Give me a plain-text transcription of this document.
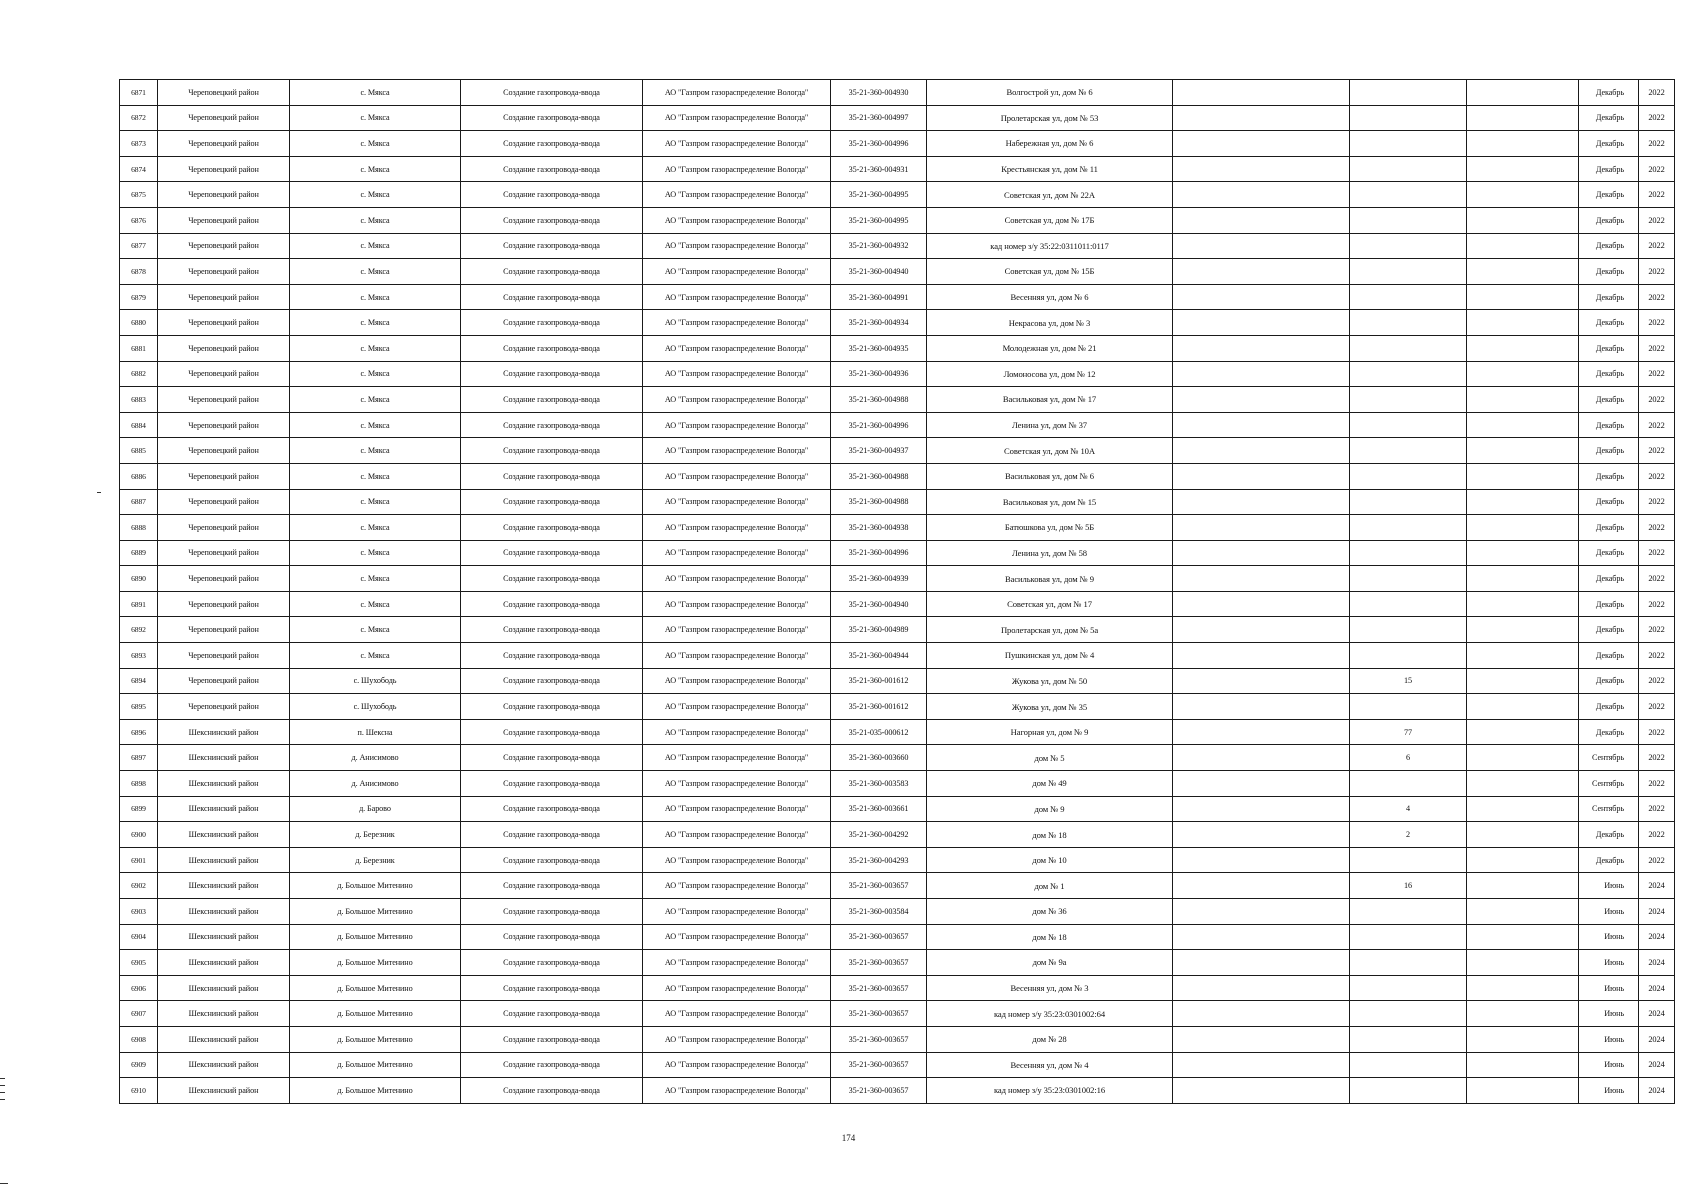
6871	Череповецкий район	с. Мякса	Создание газопровода-ввода	АО "Газпром газораспределение Вологда"	35-21-360-004930	Волгострой ул, дом № 6				Декабрь	2022
6872	Череповецкий район	с. Мякса	Создание газопровода-ввода	АО "Газпром газораспределение Вологда"	35-21-360-004997	Пролетарская ул, дом № 53				Декабрь	2022
6873	Череповецкий район	с. Мякса	Создание газопровода-ввода	АО "Газпром газораспределение Вологда"	35-21-360-004996	Набережная ул, дом № 6				Декабрь	2022
6874	Череповецкий район	с. Мякса	Создание газопровода-ввода	АО "Газпром газораспределение Вологда"	35-21-360-004931	Крестьянская ул, дом № 11				Декабрь	2022
6875	Череповецкий район	с. Мякса	Создание газопровода-ввода	АО "Газпром газораспределение Вологда"	35-21-360-004995	Советская ул, дом № 22А				Декабрь	2022
6876	Череповецкий район	с. Мякса	Создание газопровода-ввода	АО "Газпром газораспределение Вологда"	35-21-360-004995	Советская ул, дом № 17Б				Декабрь	2022
6877	Череповецкий район	с. Мякса	Создание газопровода-ввода	АО "Газпром газораспределение Вологда"	35-21-360-004932	кад номер з/у 35:22:0311011:0117				Декабрь	2022
6878	Череповецкий район	с. Мякса	Создание газопровода-ввода	АО "Газпром газораспределение Вологда"	35-21-360-004940	Советская ул, дом № 15Б				Декабрь	2022
6879	Череповецкий район	с. Мякса	Создание газопровода-ввода	АО "Газпром газораспределение Вологда"	35-21-360-004991	Весенняя ул, дом № 6				Декабрь	2022
6880	Череповецкий район	с. Мякса	Создание газопровода-ввода	АО "Газпром газораспределение Вологда"	35-21-360-004934	Некрасова ул, дом № 3				Декабрь	2022
6881	Череповецкий район	с. Мякса	Создание газопровода-ввода	АО "Газпром газораспределение Вологда"	35-21-360-004935	Молодежная ул, дом № 21				Декабрь	2022
6882	Череповецкий район	с. Мякса	Создание газопровода-ввода	АО "Газпром газораспределение Вологда"	35-21-360-004936	Ломоносова ул, дом № 12				Декабрь	2022
6883	Череповецкий район	с. Мякса	Создание газопровода-ввода	АО "Газпром газораспределение Вологда"	35-21-360-004988	Васильковая ул, дом № 17				Декабрь	2022
6884	Череповецкий район	с. Мякса	Создание газопровода-ввода	АО "Газпром газораспределение Вологда"	35-21-360-004996	Ленина ул, дом № 37				Декабрь	2022
6885	Череповецкий район	с. Мякса	Создание газопровода-ввода	АО "Газпром газораспределение Вологда"	35-21-360-004937	Советская ул, дом № 10А				Декабрь	2022
6886	Череповецкий район	с. Мякса	Создание газопровода-ввода	АО "Газпром газораспределение Вологда"	35-21-360-004988	Васильковая ул, дом № 6				Декабрь	2022
6887	Череповецкий район	с. Мякса	Создание газопровода-ввода	АО "Газпром газораспределение Вологда"	35-21-360-004988	Васильковая ул, дом № 15				Декабрь	2022
6888	Череповецкий район	с. Мякса	Создание газопровода-ввода	АО "Газпром газораспределение Вологда"	35-21-360-004938	Батюшкова ул, дом № 5Б				Декабрь	2022
6889	Череповецкий район	с. Мякса	Создание газопровода-ввода	АО "Газпром газораспределение Вологда"	35-21-360-004996	Ленина ул, дом № 58				Декабрь	2022
6890	Череповецкий район	с. Мякса	Создание газопровода-ввода	АО "Газпром газораспределение Вологда"	35-21-360-004939	Васильковая ул, дом № 9				Декабрь	2022
6891	Череповецкий район	с. Мякса	Создание газопровода-ввода	АО "Газпром газораспределение Вологда"	35-21-360-004940	Советская ул, дом № 17				Декабрь	2022
6892	Череповецкий район	с. Мякса	Создание газопровода-ввода	АО "Газпром газораспределение Вологда"	35-21-360-004989	Пролетарская ул, дом № 5а				Декабрь	2022
6893	Череповецкий район	с. Мякса	Создание газопровода-ввода	АО "Газпром газораспределение Вологда"	35-21-360-004944	Пушкинская ул, дом № 4				Декабрь	2022
6894	Череповецкий район	с. Шухободь	Создание газопровода-ввода	АО "Газпром газораспределение Вологда"	35-21-360-001612	Жукова ул, дом № 50		15		Декабрь	2022
6895	Череповецкий район	с. Шухободь	Создание газопровода-ввода	АО "Газпром газораспределение Вологда"	35-21-360-001612	Жукова ул, дом № 35				Декабрь	2022
6896	Шекснинский район	п. Шексна	Создание газопровода-ввода	АО "Газпром газораспределение Вологда"	35-21-035-000612	Нагорная ул, дом № 9		77		Декабрь	2022
6897	Шекснинский район	д. Анисимово	Создание газопровода-ввода	АО "Газпром газораспределение Вологда"	35-21-360-003660	дом № 5		6		Сентябрь	2022
6898	Шекснинский район	д. Анисимово	Создание газопровода-ввода	АО "Газпром газораспределение Вологда"	35-21-360-003583	дом № 49				Сентябрь	2022
6899	Шекснинский район	д. Барово	Создание газопровода-ввода	АО "Газпром газораспределение Вологда"	35-21-360-003661	дом № 9		4		Сентябрь	2022
6900	Шекснинский район	д. Березник	Создание газопровода-ввода	АО "Газпром газораспределение Вологда"	35-21-360-004292	дом № 18		2		Декабрь	2022
6901	Шекснинский район	д. Березник	Создание газопровода-ввода	АО "Газпром газораспределение Вологда"	35-21-360-004293	дом № 10				Декабрь	2022
6902	Шекснинский район	д. Большое Митенино	Создание газопровода-ввода	АО "Газпром газораспределение Вологда"	35-21-360-003657	дом № 1		16		Июнь	2024
6903	Шекснинский район	д. Большое Митенино	Создание газопровода-ввода	АО "Газпром газораспределение Вологда"	35-21-360-003584	дом № 36				Июнь	2024
6904	Шекснинский район	д. Большое Митенино	Создание газопровода-ввода	АО "Газпром газораспределение Вологда"	35-21-360-003657	дом № 18				Июнь	2024
6905	Шекснинский район	д. Большое Митенино	Создание газопровода-ввода	АО "Газпром газораспределение Вологда"	35-21-360-003657	дом № 9а				Июнь	2024
6906	Шекснинский район	д. Большое Митенино	Создание газопровода-ввода	АО "Газпром газораспределение Вологда"	35-21-360-003657	Весенняя ул, дом № 3				Июнь	2024
6907	Шекснинский район	д. Большое Митенино	Создание газопровода-ввода	АО "Газпром газораспределение Вологда"	35-21-360-003657	кад номер з/у 35:23:0301002:64				Июнь	2024
6908	Шекснинский район	д. Большое Митенино	Создание газопровода-ввода	АО "Газпром газораспределение Вологда"	35-21-360-003657	дом № 28				Июнь	2024
6909	Шекснинский район	д. Большое Митенино	Создание газопровода-ввода	АО "Газпром газораспределение Вологда"	35-21-360-003657	Весенняя ул, дом № 4				Июнь	2024
6910	Шекснинский район	д. Большое Митенино	Создание газопровода-ввода	АО "Газпром газораспределение Вологда"	35-21-360-003657	кад номер з/у 35:23:0301002:16				Июнь	2024
174
